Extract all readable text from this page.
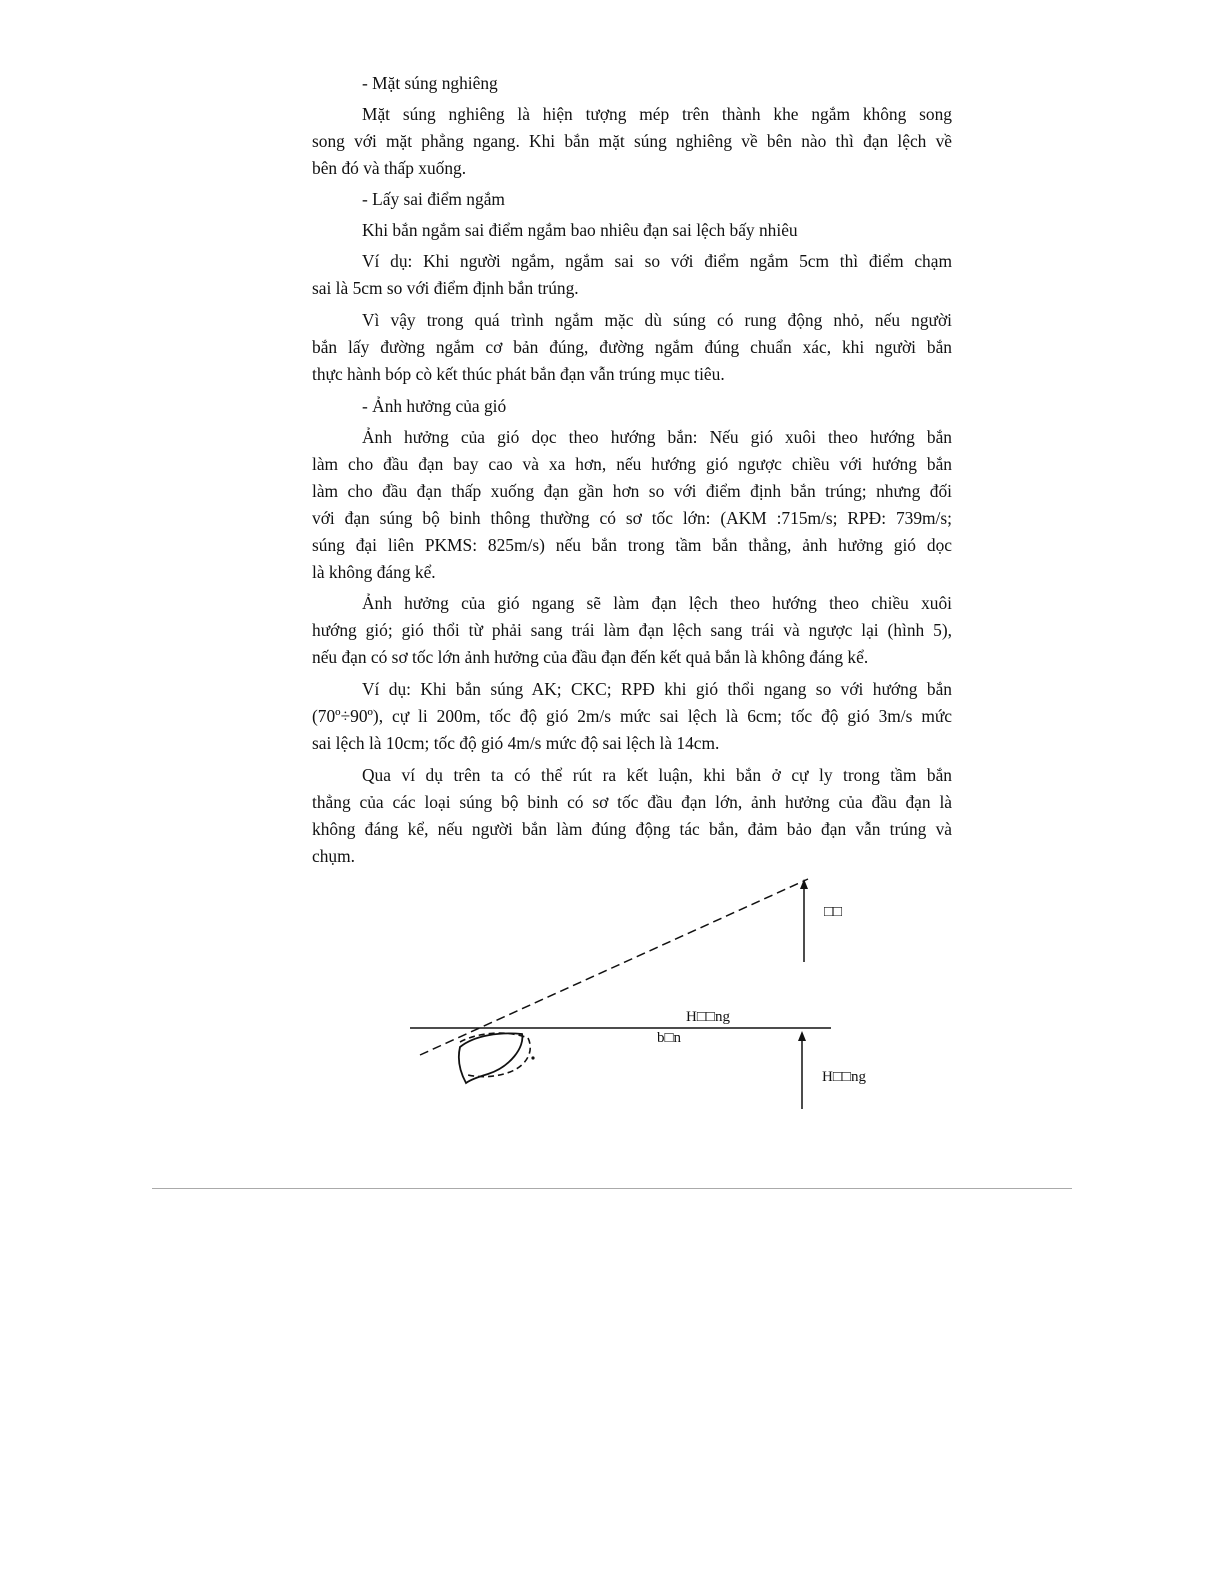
- Mặt súng nghiêng
Mặt súng nghiêng là hiện tượng mép trên thành khe ngắm không song
song với mặt phẳng ngang. Khi bắn mặt súng nghiêng về bên nào thì đạn lệch về
bên đó và thấp xuống.
- Lấy sai điểm ngắm
Khi bắn ngắm sai điểm ngắm bao nhiêu đạn sai lệch bấy nhiêu
Ví dụ: Khi người ngắm, ngắm sai so với điểm ngắm 5cm thì điểm chạm
sai là 5cm so với điểm định bắn trúng.
Vì vậy trong quá trình ngắm mặc dù súng có rung động nhỏ, nếu người
bắn lấy đường ngắm cơ bản đúng, đường ngắm đúng chuẩn xác, khi người bắn
thực hành bóp cò kết thúc phát bắn đạn vẫn trúng mục tiêu.
- Ảnh hưởng của gió
Ảnh hưởng của gió dọc theo hướng bắn: Nếu gió xuôi theo hướng bắn
làm cho đầu đạn bay cao và xa hơn, nếu hướng gió ngược chiều với hướng bắn
làm cho đầu đạn thấp xuống đạn gần hơn so với điểm định bắn trúng; nhưng đối
với đạn súng bộ binh thông thường có sơ tốc lớn: (AKM :715m/s; RPĐ: 739m/s;
súng đại liên PKMS: 825m/s) nếu bắn trong tầm bắn thẳng, ảnh hưởng gió dọc
là không đáng kể.
Ảnh hưởng của gió ngang sẽ làm đạn lệch theo hướng theo chiều xuôi
hướng gió; gió thổi từ phải sang trái làm đạn lệch sang trái và ngược lại (hình 5),
nếu đạn có sơ tốc lớn ảnh hưởng của đầu đạn đến kết quả bắn là không đáng kể.
Ví dụ: Khi bắn súng AK; CKC; RPĐ khi gió thổi ngang so với hướng bắn
(70º÷90º), cự li 200m, tốc độ gió 2m/s mức sai lệch là 6cm; tốc độ gió 3m/s mức
sai lệch là 10cm; tốc độ gió 4m/s mức độ sai lệch là 14cm.
Qua ví dụ trên ta có thể rút ra kết luận, khi bắn ở cự ly trong tầm bắn
thẳng của các loại súng bộ binh có sơ tốc đầu đạn lớn, ảnh hưởng của đầu đạn là
không đáng kể, nếu người bắn làm đúng động tác bắn, đảm bảo đạn vẫn trúng và
chụm.
□□
H□□ng
b□n
H□□ng
